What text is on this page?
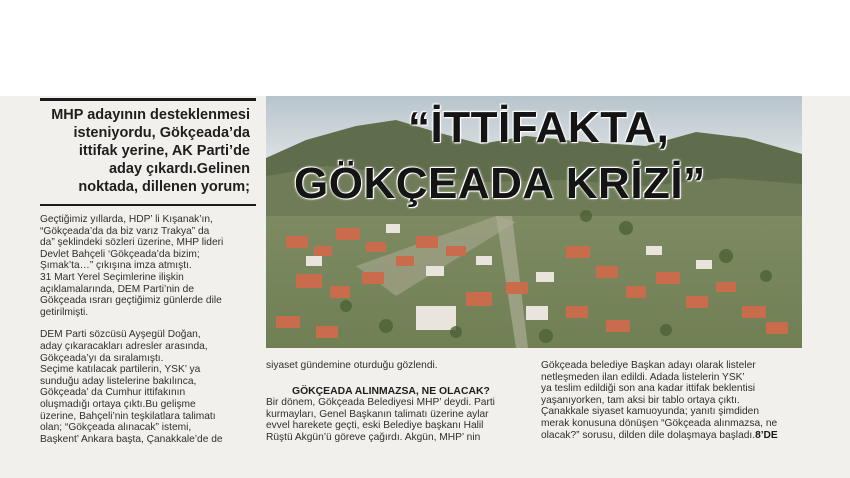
MHP adayının desteklenmesi
isteniyordu, Gökçeada’da
ittifak yerine, AK Parti’de
aday çıkardı.Gelinen
noktada, dillenen yorum;

Geçtiğimiz yıllarda, HDP’ li Kışanak’ın,
“Gökçeada’da da biz varız Trakya” da
da” şeklindeki sözleri üzerine, MHP lideri
Devlet Bahçeli ‘Gökçeada’da bizim;
Şımak’ta…” çıkışına imza atmıştı.
31 Mart Yerel Seçimlerine ilişkin
açıklamalarında, DEM Parti’nin de
Gökçeada ısrarı geçtiğimiz günlerde dile
getirilmişti.

DEM Parti sözcüsü Ayşegül Doğan,
aday çıkaracakları adresler arasında,
Gökçeada’yı da sıralamıştı.
Seçime katılacak partilerin, YSK’ ya
sunduğu aday listelerine bakılınca,
Gökçeada’ da Cumhur ittifakının
oluşmadığı ortaya çıktı.Bu gelişme
üzerine, Bahçeli’nin teşkilatlara talimatı
olan; “Gökçeada alınacak” istemi,
Başkent’ Ankara başta, Çanakkale’de de

“İTTİFAKTA,
GÖKÇEADA KRİZİ”
siyaset gündemine oturduğu gözlendi.
GÖKÇEADA ALINMAZSA, NE OLACAK?
Bir dönem, Gökçeada Belediyesi MHP’ deydi. Parti
kurmayları, Genel Başkanın talimatı üzerine aylar
evvel harekete geçti, eski Belediye başkanı Halil
Rüştü Akgün’ü göreve çağırdı. Akgün, MHP’ nin
Gökçeada belediye Başkan adayı olarak listeler
netleşmeden ilan edildi. Adada listelerin YSK’
ya teslim edildiği son ana kadar ittifak beklentisi
yaşanıyorken, tam aksi bir tablo ortaya çıktı.
Çanakkale siyaset kamuoyunda; yanıtı şimdiden
merak konusuna dönüşen “Gökçeada alınmazsa, ne
olacak?” sorusu, dilden dile dolaşmaya başladı.8’DE
